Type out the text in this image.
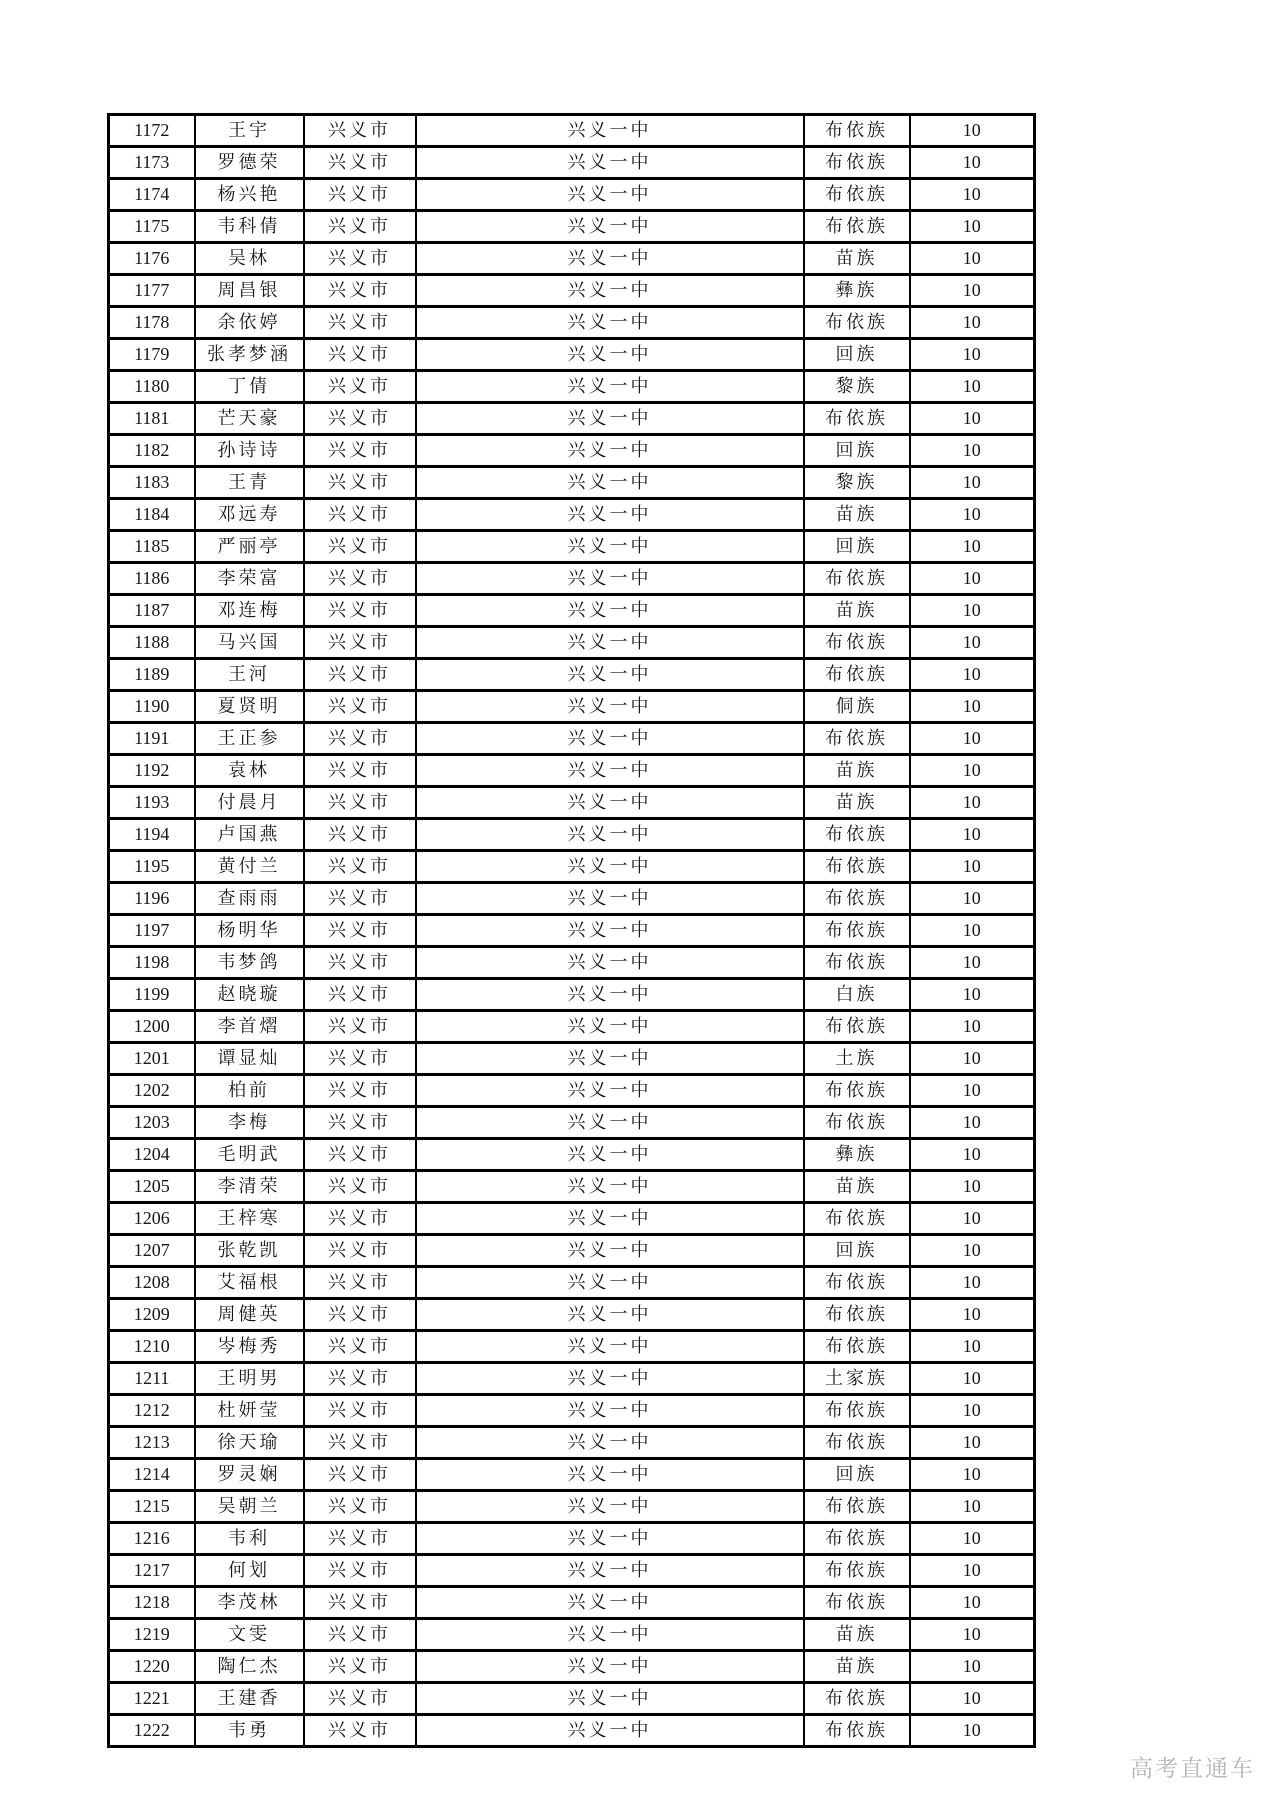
1172	王宇	兴义市	兴义一中	布依族	10
1173	罗德荣	兴义市	兴义一中	布依族	10
1174	杨兴艳	兴义市	兴义一中	布依族	10
1175	韦科倩	兴义市	兴义一中	布依族	10
1176	吴林	兴义市	兴义一中	苗族	10
1177	周昌银	兴义市	兴义一中	彝族	10
1178	余依婷	兴义市	兴义一中	布依族	10
1179	张孝梦涵	兴义市	兴义一中	回族	10
1180	丁倩	兴义市	兴义一中	黎族	10
1181	芒天豪	兴义市	兴义一中	布依族	10
1182	孙诗诗	兴义市	兴义一中	回族	10
1183	王青	兴义市	兴义一中	黎族	10
1184	邓远寿	兴义市	兴义一中	苗族	10
1185	严丽亭	兴义市	兴义一中	回族	10
1186	李荣富	兴义市	兴义一中	布依族	10
1187	邓连梅	兴义市	兴义一中	苗族	10
1188	马兴国	兴义市	兴义一中	布依族	10
1189	王河	兴义市	兴义一中	布依族	10
1190	夏贤明	兴义市	兴义一中	侗族	10
1191	王正参	兴义市	兴义一中	布依族	10
1192	袁林	兴义市	兴义一中	苗族	10
1193	付晨月	兴义市	兴义一中	苗族	10
1194	卢国燕	兴义市	兴义一中	布依族	10
1195	黄付兰	兴义市	兴义一中	布依族	10
1196	查雨雨	兴义市	兴义一中	布依族	10
1197	杨明华	兴义市	兴义一中	布依族	10
1198	韦梦鸽	兴义市	兴义一中	布依族	10
1199	赵晓璇	兴义市	兴义一中	白族	10
1200	李首熠	兴义市	兴义一中	布依族	10
1201	谭显灿	兴义市	兴义一中	土族	10
1202	柏前	兴义市	兴义一中	布依族	10
1203	李梅	兴义市	兴义一中	布依族	10
1204	毛明武	兴义市	兴义一中	彝族	10
1205	李清荣	兴义市	兴义一中	苗族	10
1206	王梓寒	兴义市	兴义一中	布依族	10
1207	张乾凯	兴义市	兴义一中	回族	10
1208	艾福根	兴义市	兴义一中	布依族	10
1209	周健英	兴义市	兴义一中	布依族	10
1210	岑梅秀	兴义市	兴义一中	布依族	10
1211	王明男	兴义市	兴义一中	土家族	10
1212	杜妍莹	兴义市	兴义一中	布依族	10
1213	徐天瑜	兴义市	兴义一中	布依族	10
1214	罗灵娴	兴义市	兴义一中	回族	10
1215	吴朝兰	兴义市	兴义一中	布依族	10
1216	韦利	兴义市	兴义一中	布依族	10
1217	何划	兴义市	兴义一中	布依族	10
1218	李茂林	兴义市	兴义一中	布依族	10
1219	文雯	兴义市	兴义一中	苗族	10
1220	陶仁杰	兴义市	兴义一中	苗族	10
1221	王建香	兴义市	兴义一中	布依族	10
1222	韦勇	兴义市	兴义一中	布依族	10
高考直通车
